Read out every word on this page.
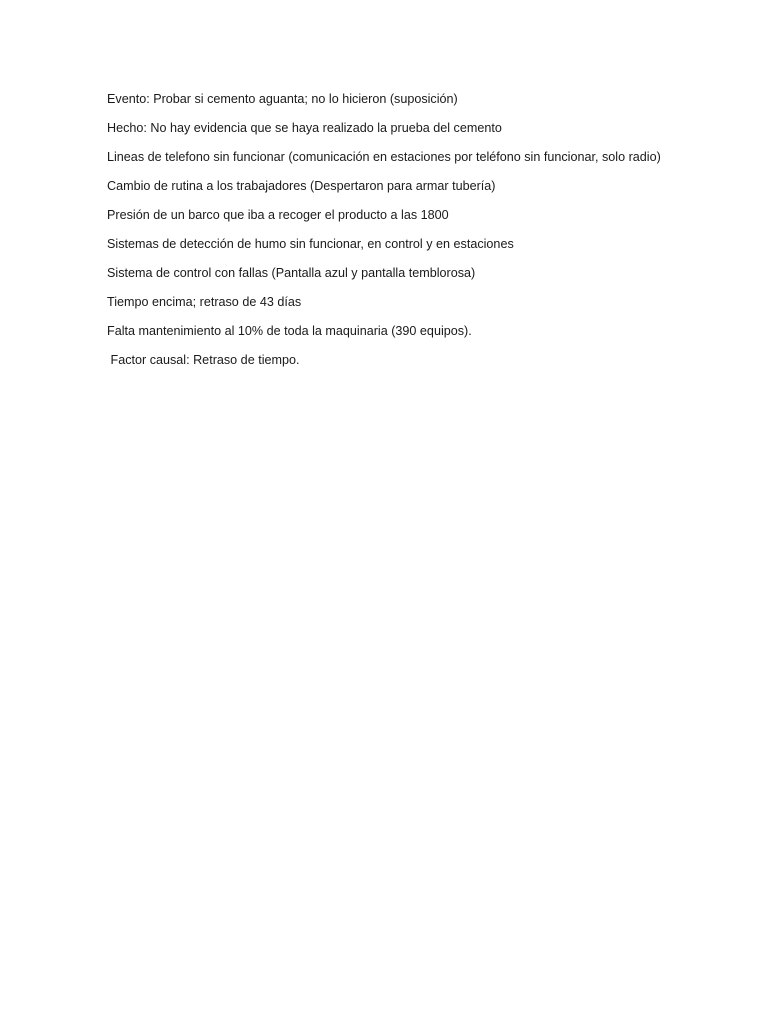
Evento: Probar si cemento aguanta; no lo hicieron (suposición)

Hecho: No hay evidencia que se haya realizado la prueba del cemento

Lineas de telefono sin funcionar (comunicación en estaciones por teléfono sin funcionar, solo radio)

Cambio de rutina a los trabajadores (Despertaron para armar tubería)

Presión de un barco que iba a recoger el producto a las 1800

Sistemas de detección de humo sin funcionar, en control y en estaciones

Sistema de control con fallas (Pantalla azul y pantalla temblorosa)

Tiempo encima; retraso de 43 días

Falta mantenimiento al 10% de toda la maquinaria (390 equipos).

Factor causal: Retraso de tiempo.
